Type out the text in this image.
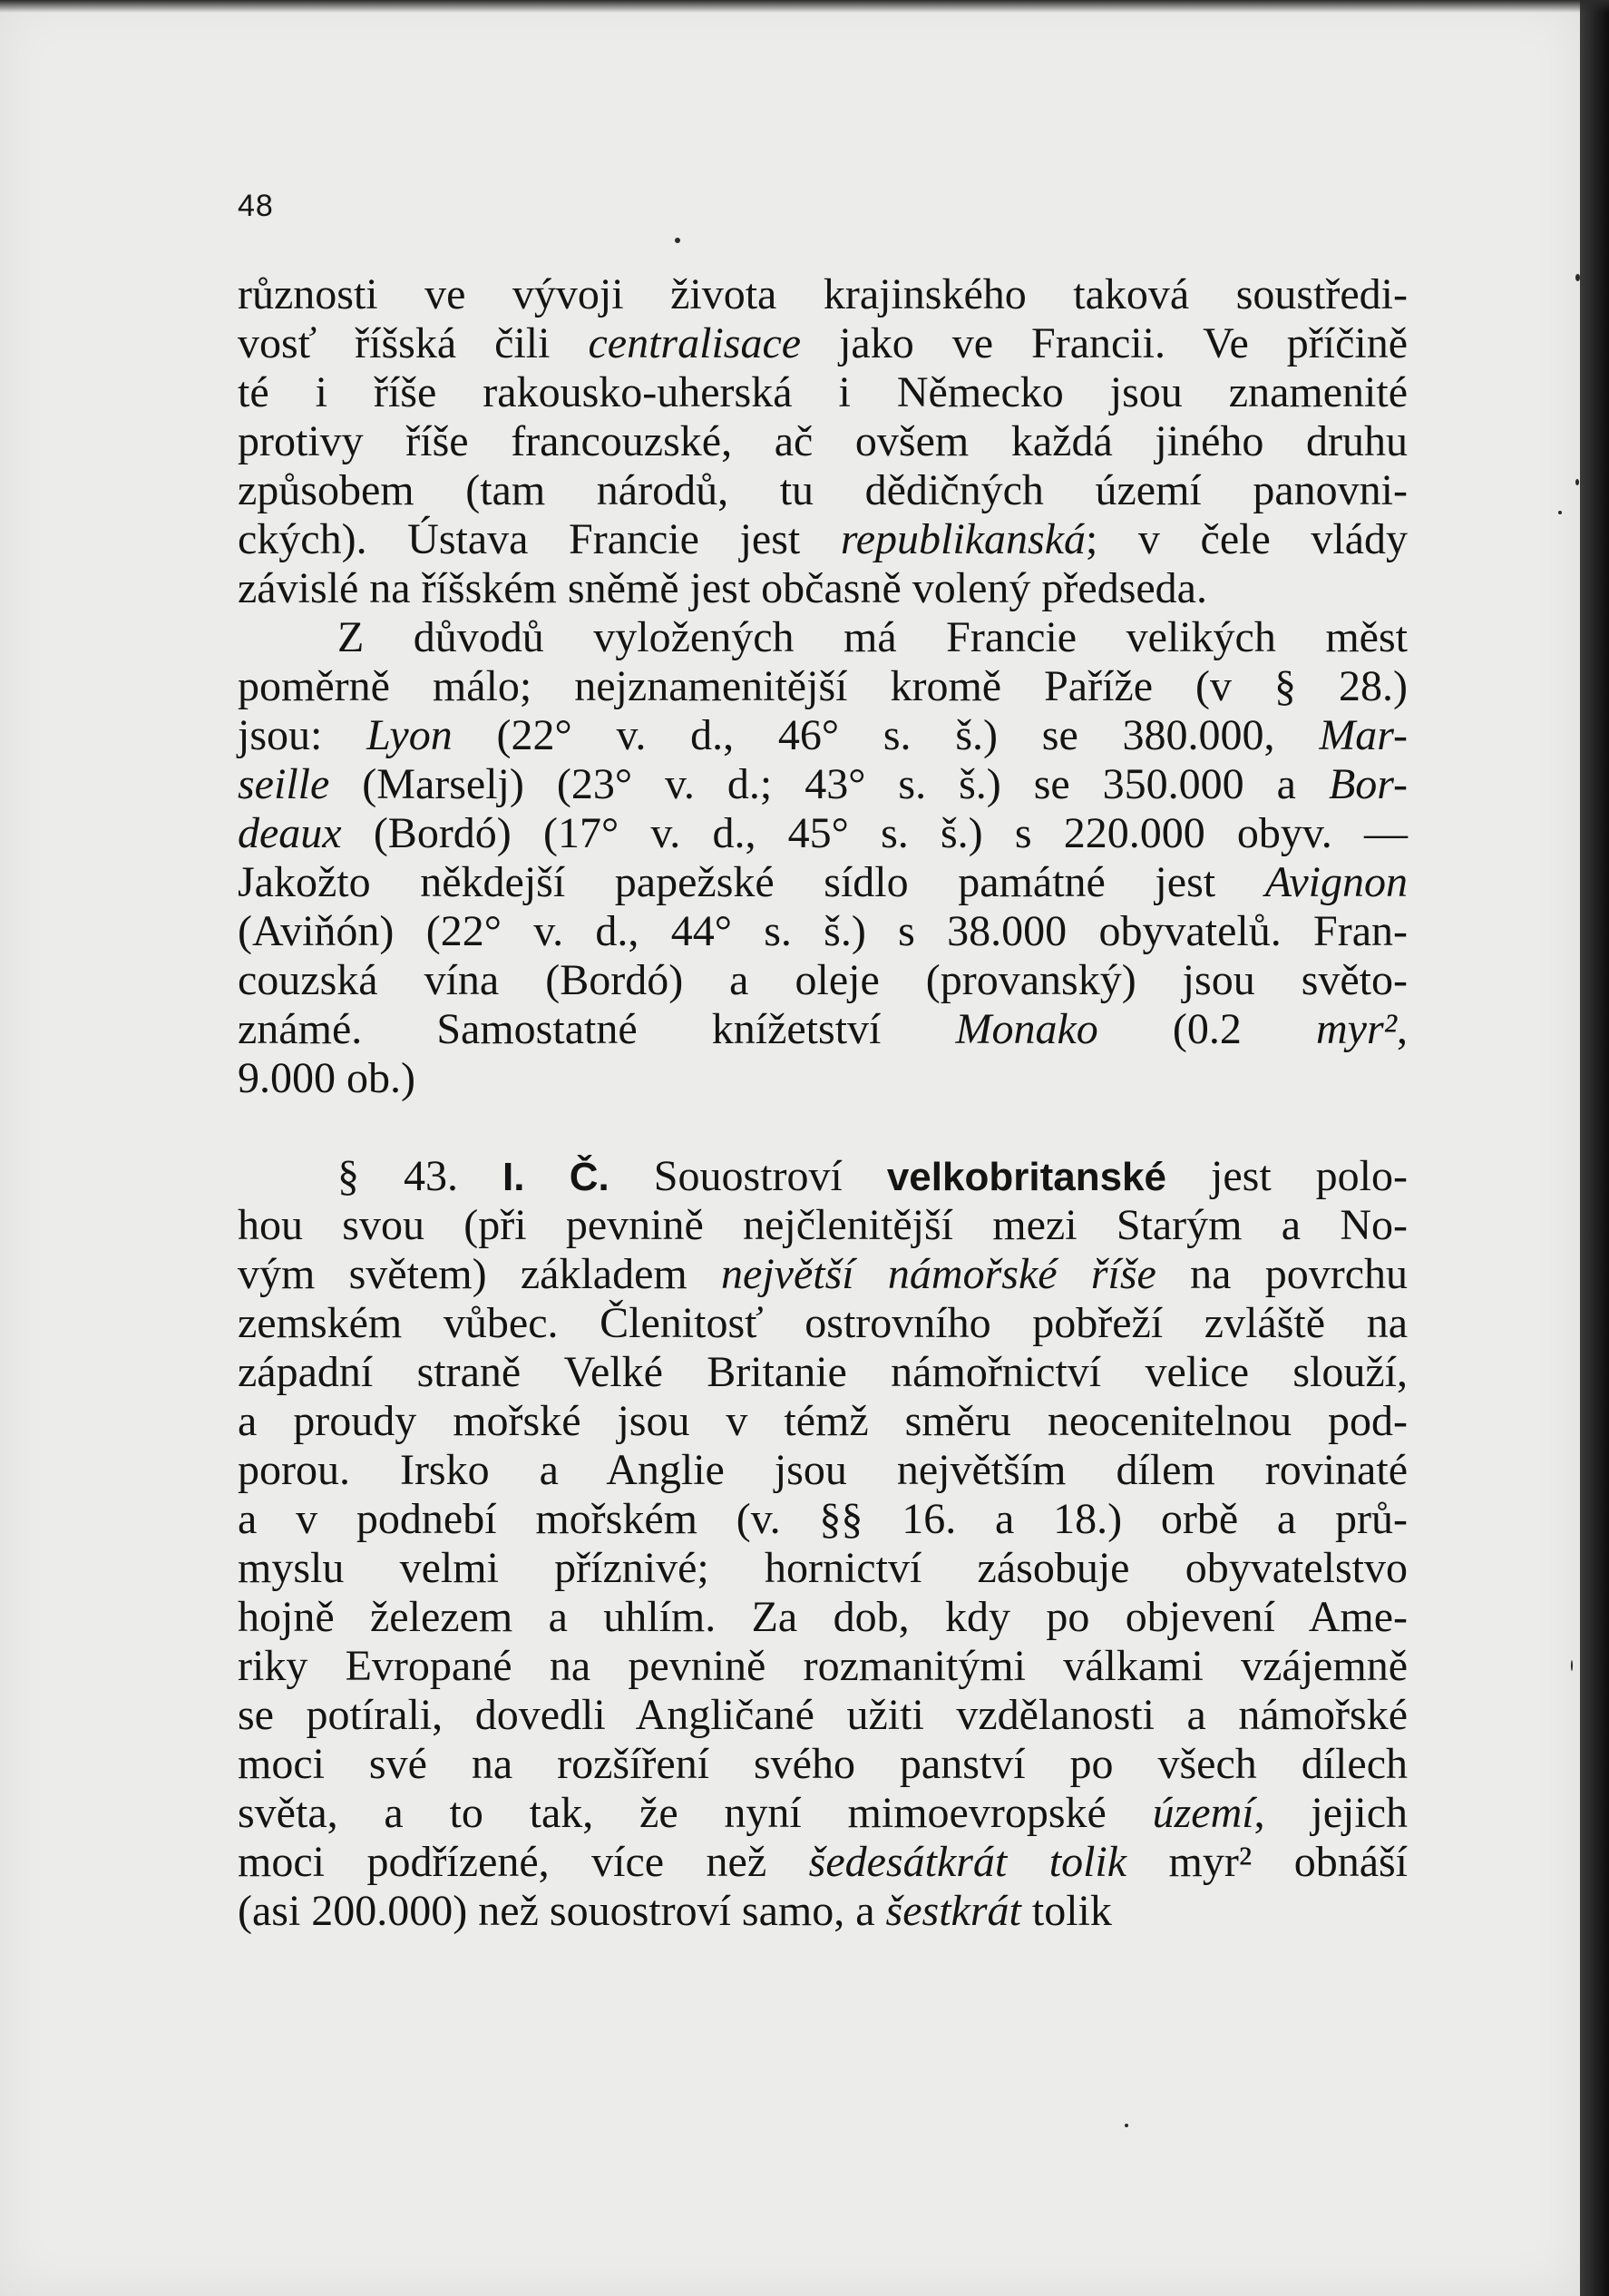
48
různosti ve vývoji života krajinského taková soustředi-
vosť říšská čili centralisace jako ve Francii. Ve příčině
té i říše rakousko-uherská i Německo jsou znamenité
protivy říše francouzské, ač ovšem každá jiného druhu
způsobem (tam národů, tu dědičných území panovni-
ckých). Ústava Francie jest republikanská; v čele vlády
závislé na říšském sněmě jest občasně volený předseda.
Z důvodů vyložených má Francie velikých měst
poměrně málo; nejznamenitější kromě Paříže (v § 28.)
jsou: Lyon (22° v. d., 46° s. š.) se 380.000, Mar-
seille (Marselj) (23° v. d.; 43° s. š.) se 350.000 a Bor-
deaux (Bordó) (17° v. d., 45° s. š.) s 220.000 obyv. —
Jakožto někdejší papežské sídlo památné jest Avignon
(Aviňón) (22° v. d., 44° s. š.) s 38.000 obyvatelů. Fran-
couzská vína (Bordó) a oleje (provanský) jsou světo-
známé. Samostatné knížetství Monako (0.2 myr²,
9.000 ob.)
§ 43. I. Č. Souostroví velkobritanské jest polo-
hou svou (při pevnině nejčlenitější mezi Starým a No-
vým světem) základem největší námořské říše na povrchu
zemském vůbec. Členitosť ostrovního pobřeží zvláště na
západní straně Velké Britanie námořnictví velice slouží,
a proudy mořské jsou v témž směru neocenitelnou pod-
porou. Irsko a Anglie jsou největším dílem rovinaté
a v podnebí mořském (v. §§ 16. a 18.) orbě a prů-
myslu velmi příznivé; hornictví zásobuje obyvatelstvo
hojně železem a uhlím. Za dob, kdy po objevení Ame-
riky Evropané na pevnině rozmanitými válkami vzájemně
se potírali, dovedli Angličané užiti vzdělanosti a námořské
moci své na rozšíření svého panství po všech dílech
světa, a to tak, že nyní mimoevropské území, jejich
moci podřízené, více než šedesátkrát tolik myr² obnáší
(asi 200.000) než souostroví samo, a šestkrát tolik
